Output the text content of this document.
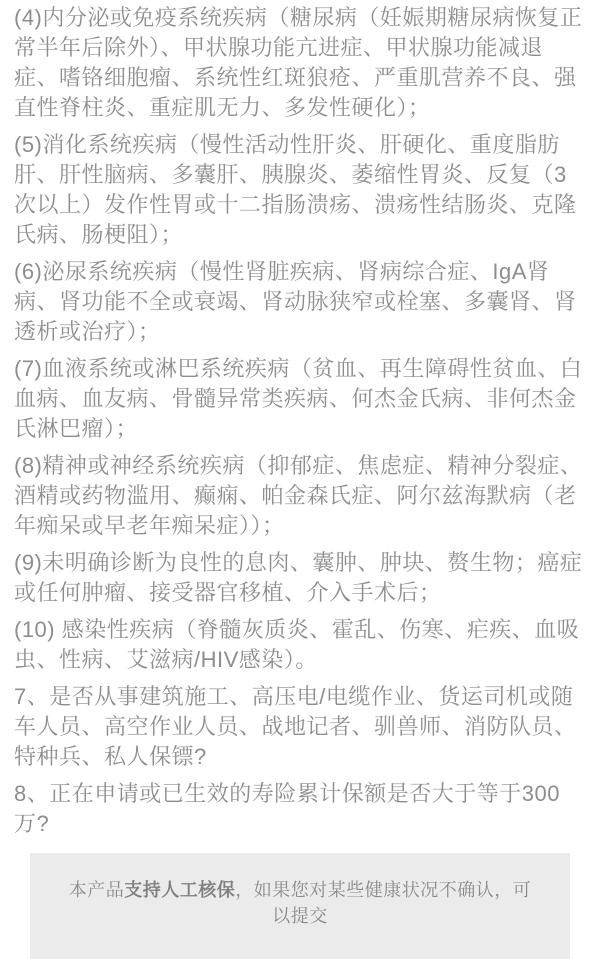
(4)内分泌或免疫系统疾病（糖尿病（妊娠期糖尿病恢复正常半年后除外）、甲状腺功能亢进症、甲状腺功能减退症、嗜铬细胞瘤、系统性红斑狼疮、严重肌营养不良、强直性脊柱炎、重症肌无力、多发性硬化）；

(5)消化系统疾病（慢性活动性肝炎、肝硬化、重度脂肪肝、肝性脑病、多囊肝、胰腺炎、萎缩性胃炎、反复（3次以上）发作性胃或十二指肠溃疡、溃疡性结肠炎、克隆氏病、肠梗阻）；

(6)泌尿系统疾病（慢性肾脏疾病、肾病综合症、IgA肾病、肾功能不全或衰竭、肾动脉狭窄或栓塞、多囊肾、肾透析或治疗）；

(7)血液系统或淋巴系统疾病（贫血、再生障碍性贫血、白血病、血友病、骨髓异常类疾病、何杰金氏病、非何杰金氏淋巴瘤）；

(8)精神或神经系统疾病（抑郁症、焦虑症、精神分裂症、酒精或药物滥用、癫痫、帕金森氏症、阿尔兹海默病（老年痴呆或早老年痴呆症））；

(9)未明确诊断为良性的息肉、囊肿、肿块、赘生物；癌症或任何肿瘤、接受器官移植、介入手术后；

(10) 感染性疾病（脊髓灰质炎、霍乱、伤寒、疟疾、血吸虫、性病、艾滋病/HIV感染）。

7、是否从事建筑施工、高压电/电缆作业、货运司机或随车人员、高空作业人员、战地记者、驯兽师、消防队员、特种兵、私人保镖?

8、正在申请或已生效的寿险累计保额是否大于等于300万?

本产品支持人工核保，如果您对某些健康状况不确认，可以提交
